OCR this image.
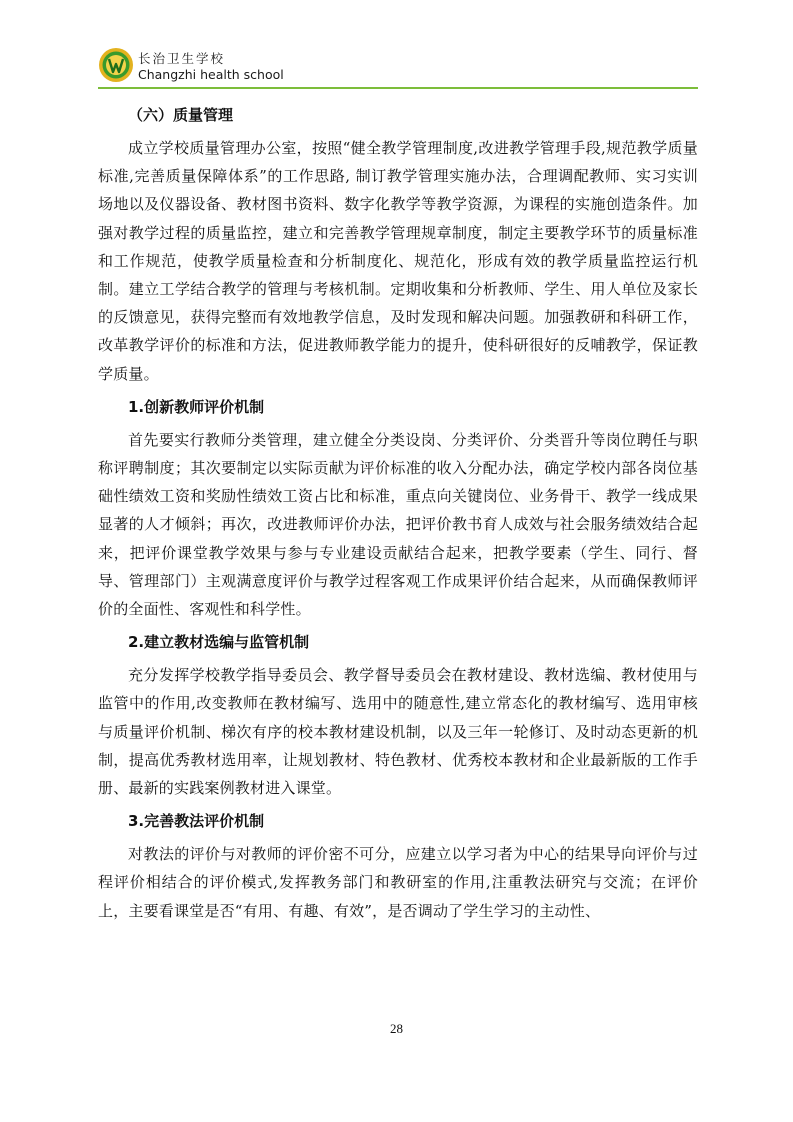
长治卫生学校
Changzhi health school
（六）质量管理

成立学校质量管理办公室，按照“健全教学管理制度,改进教学管理手段,规范教学质量标准,完善质量保障体系”的工作思路, 制订教学管理实施办法，合理调配教师、实习实训场地以及仪器设备、教材图书资料、数字化教学等教学资源，为课程的实施创造条件。加强对教学过程的质量监控，建立和完善教学管理规章制度，制定主要教学环节的质量标准和工作规范，使教学质量检查和分析制度化、规范化，形成有效的教学质量监控运行机制。建立工学结合教学的管理与考核机制。定期收集和分析教师、学生、用人单位及家长的反馈意见，获得完整而有效地教学信息，及时发现和解决问题。加强教研和科研工作，改革教学评价的标准和方法，促进教师教学能力的提升，使科研很好的反哺教学，保证教学质量。

1.创新教师评价机制

首先要实行教师分类管理，建立健全分类设岗、分类评价、分类晋升等岗位聘任与职称评聘制度；其次要制定以实际贡献为评价标准的收入分配办法，确定学校内部各岗位基础性绩效工资和奖励性绩效工资占比和标准，重点向关键岗位、业务骨干、教学一线成果显著的人才倾斜；再次，改进教师评价办法，把评价教书育人成效与社会服务绩效结合起来，把评价课堂教学效果与参与专业建设贡献结合起来，把教学要素（学生、同行、督导、管理部门）主观满意度评价与教学过程客观工作成果评价结合起来，从而确保教师评价的全面性、客观性和科学性。

2.建立教材选编与监管机制

充分发挥学校教学指导委员会、教学督导委员会在教材建设、教材选编、教材使用与监管中的作用,改变教师在教材编写、选用中的随意性,建立常态化的教材编写、选用审核与质量评价机制、梯次有序的校本教材建设机制，以及三年一轮修订、及时动态更新的机制，提高优秀教材选用率，让规划教材、特色教材、优秀校本教材和企业最新版的工作手册、最新的实践案例教材进入课堂。

3.完善教法评价机制

对教法的评价与对教师的评价密不可分，应建立以学习者为中心的结果导向评价与过程评价相结合的评价模式,发挥教务部门和教研室的作用,注重教法研究与交流；在评价上，主要看课堂是否“有用、有趣、有效”，是否调动了学生学习的主动性、

28
